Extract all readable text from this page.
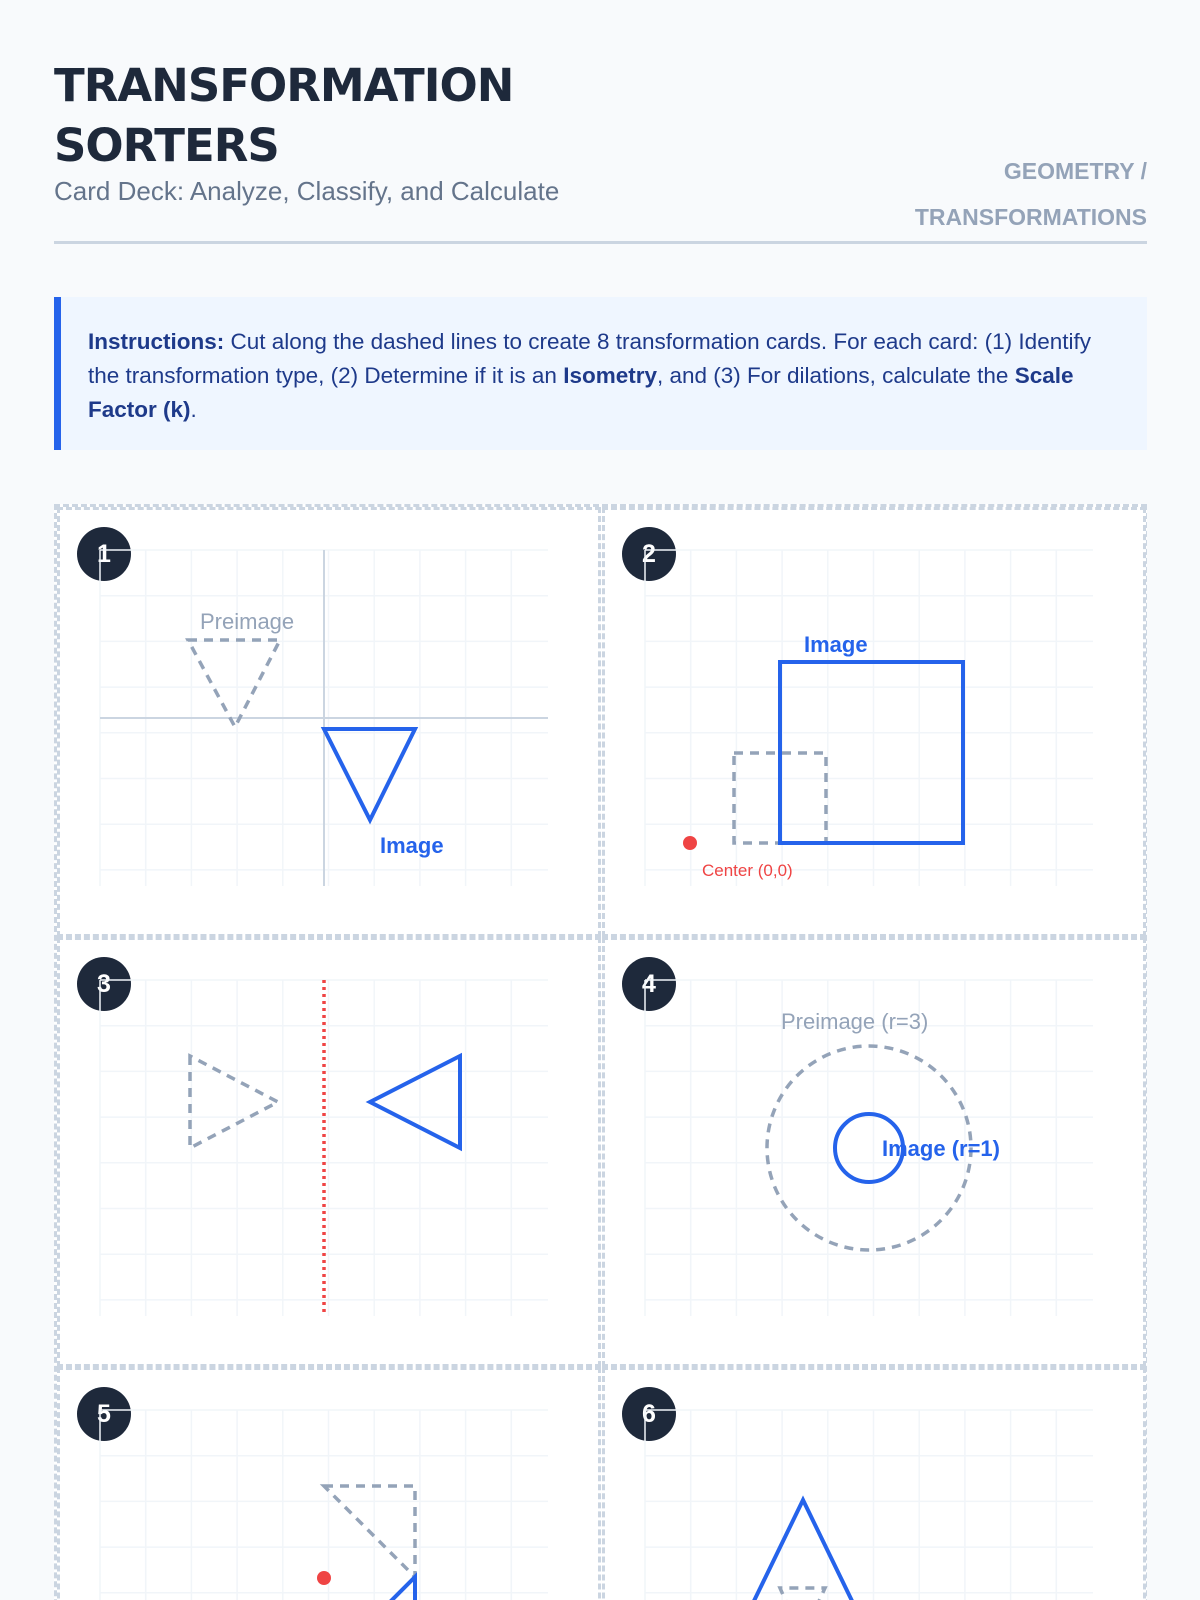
TRANSFORMATION SORTERS
Card Deck: Analyze, Classify, and Calculate
GEOMETRY / TRANSFORMATIONS
Instructions: Cut along the dashed lines to create 8 transformation cards. For each card: (1) Identify the transformation type, (2) Determine if it is an Isometry, and (3) For dilations, calculate the Scale Factor (k).
1
Preimage
Image
2
Image
Center (0,0)
3	4
Preimage (r=3)
Image (r=1)
5	6
